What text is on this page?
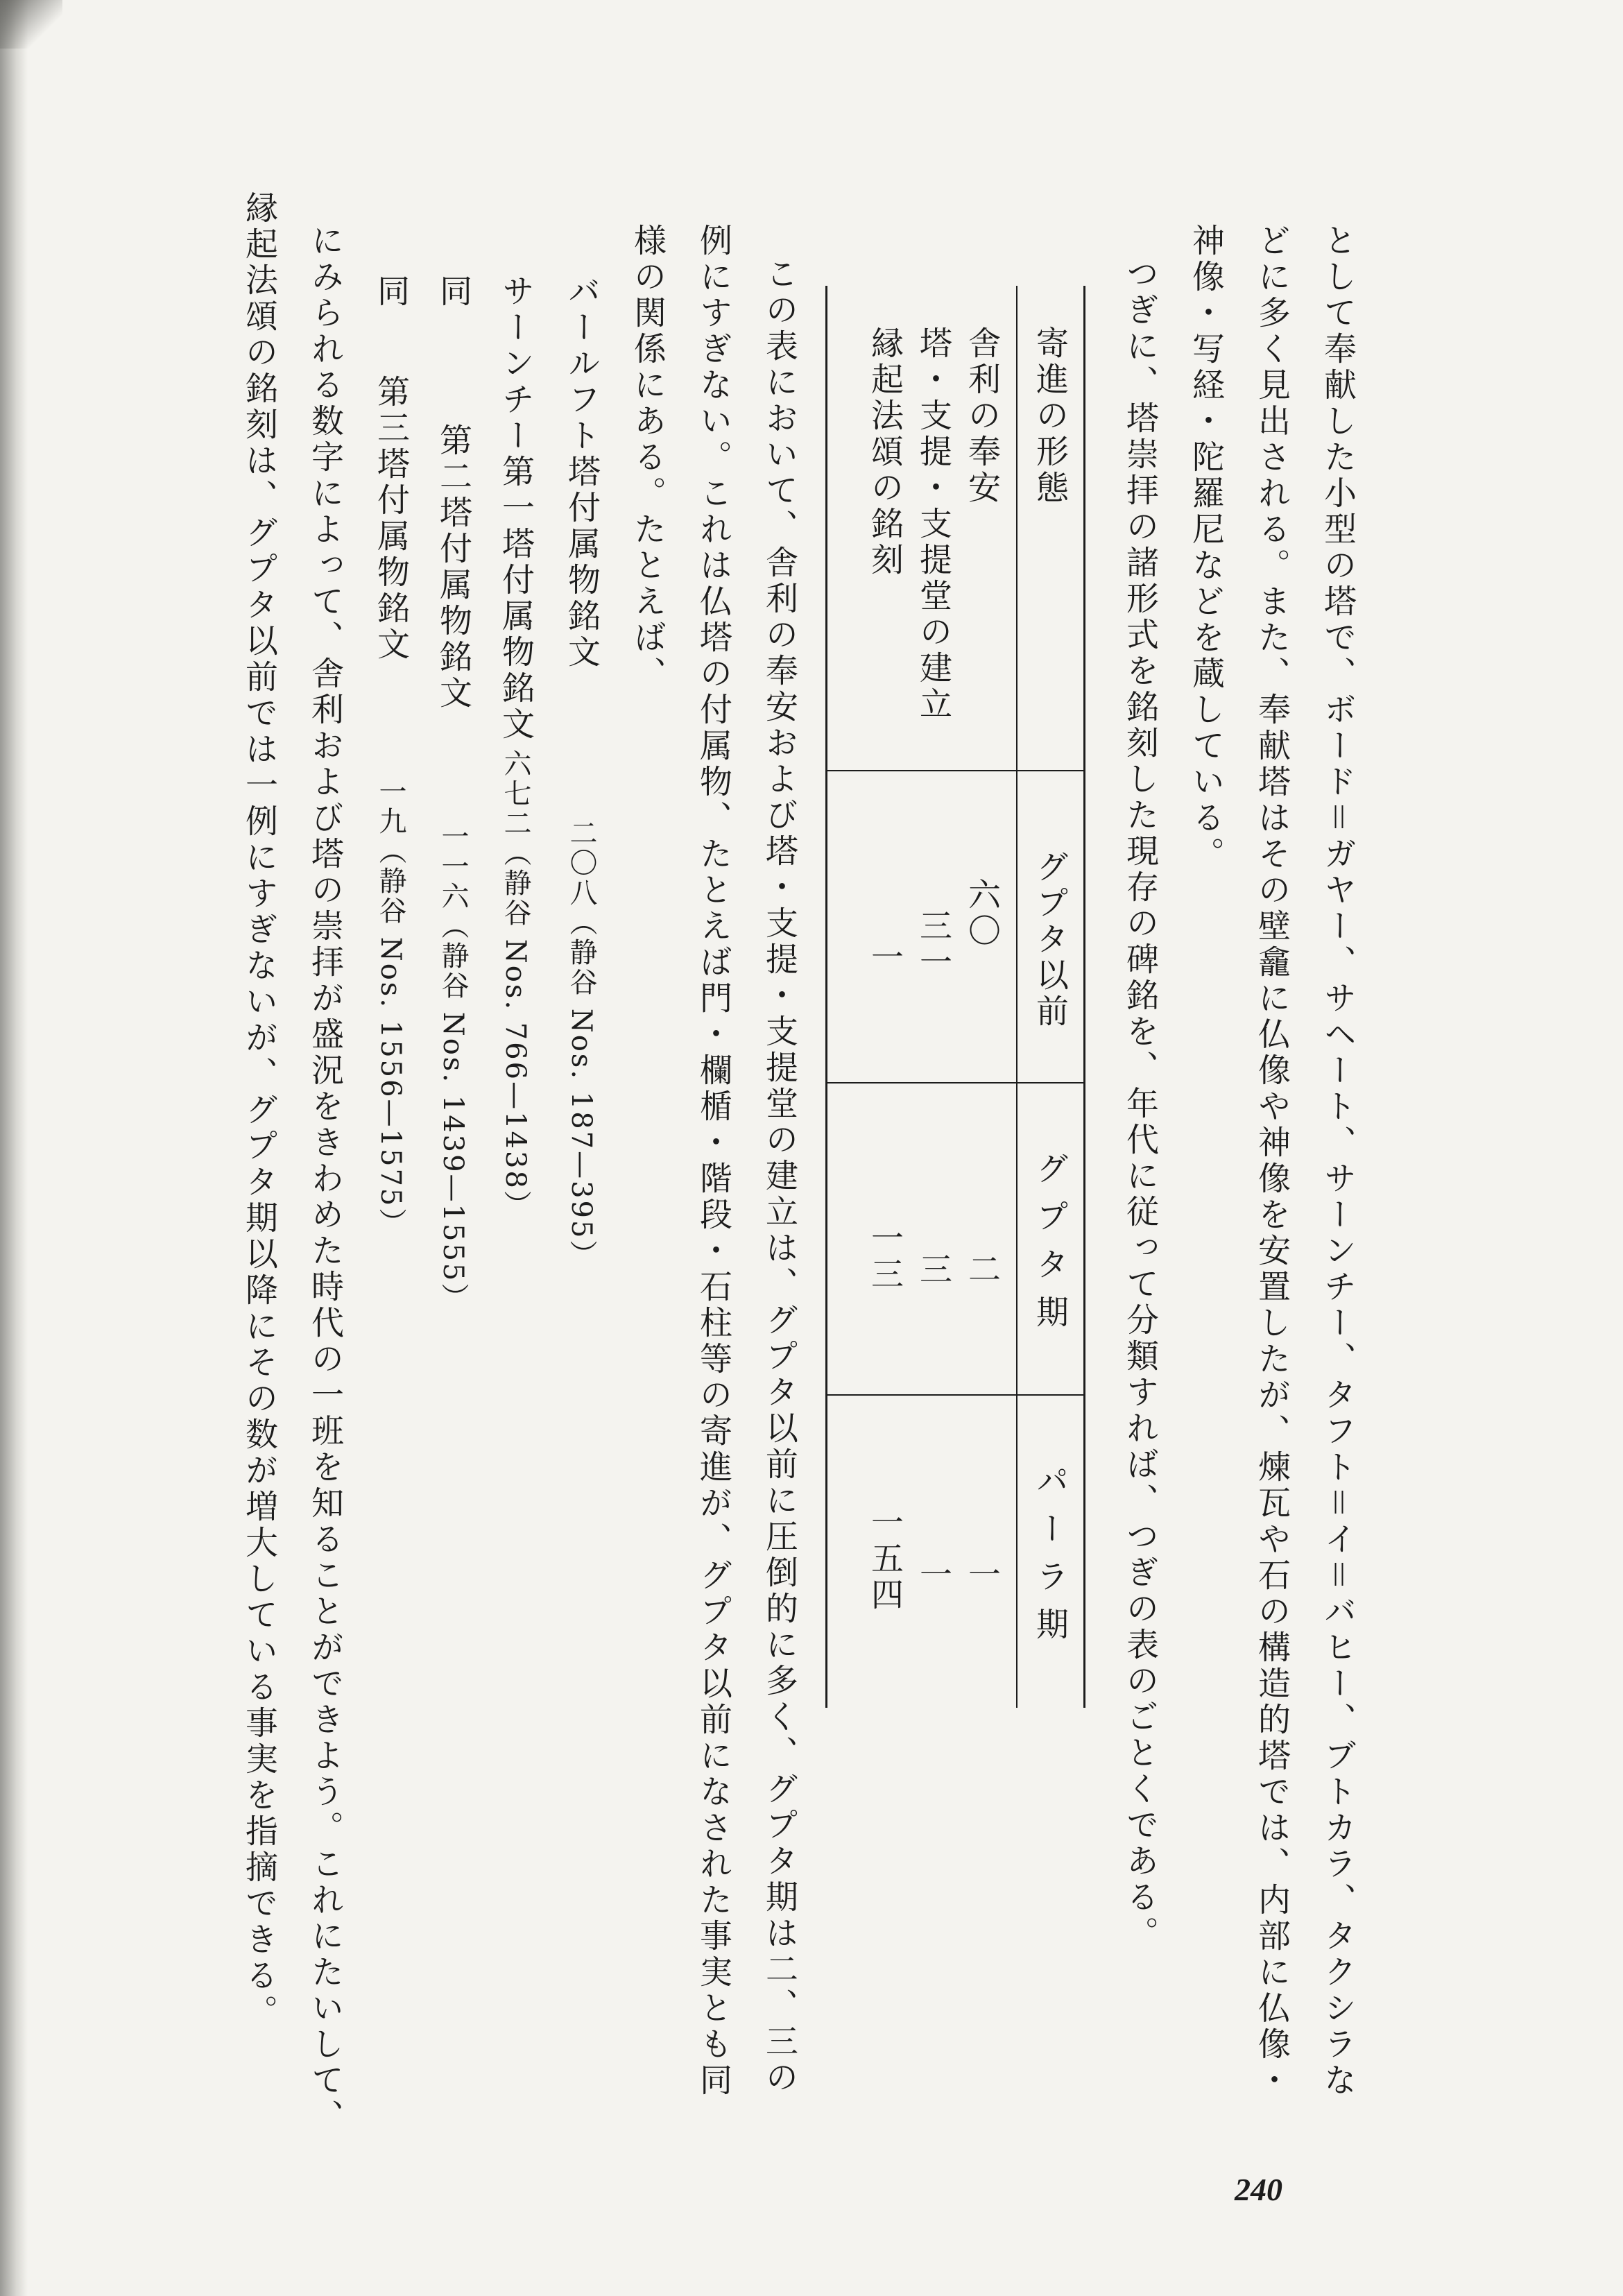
として奉献した小型の塔で、ボード＝ガヤー、サヘート、サーンチー、タフト＝イ＝バヒー、ブトカラ、タクシラな
どに多く見出される。また、奉献塔はその壁龕に仏像や神像を安置したが、煉瓦や石の構造的塔では、内部に仏像・
神像・写経・陀羅尼などを蔵している。
つぎに、塔崇拝の諸形式を銘刻した現存の碑銘を、年代に従って分類すれば、つぎの表のごとくである。
寄進の形態
グプタ以前
グプタ期
パーラ期
舎利の奉安
六〇
二
一
塔・支提・支提堂の建立
三一
三
一
縁起法頌の銘刻
一
一三
一五四
この表において、舎利の奉安および塔・支提・支提堂の建立は、グプタ以前に圧倒的に多く、グプタ期は二、三の
例にすぎない。これは仏塔の付属物、たとえば門・欄楯・階段・石柱等の寄進が、グプタ以前になされた事実とも同
様の関係にある。たとえば、
バールフト塔付属物銘文
二〇八（静谷 Nos. 187—395）
サーンチー第一塔付属物銘文
六七二（静谷 Nos. 766—1438）
同
第二塔付属物銘文
一一六（静谷 Nos. 1439—1555）
同
第三塔付属物銘文
一九（静谷 Nos. 1556—1575）
にみられる数字によって、舎利および塔の崇拝が盛況をきわめた時代の一班を知ることができよう。これにたいして、
縁起法頌の銘刻は、グプタ以前では一例にすぎないが、グプタ期以降にその数が増大している事実を指摘できる。
240
